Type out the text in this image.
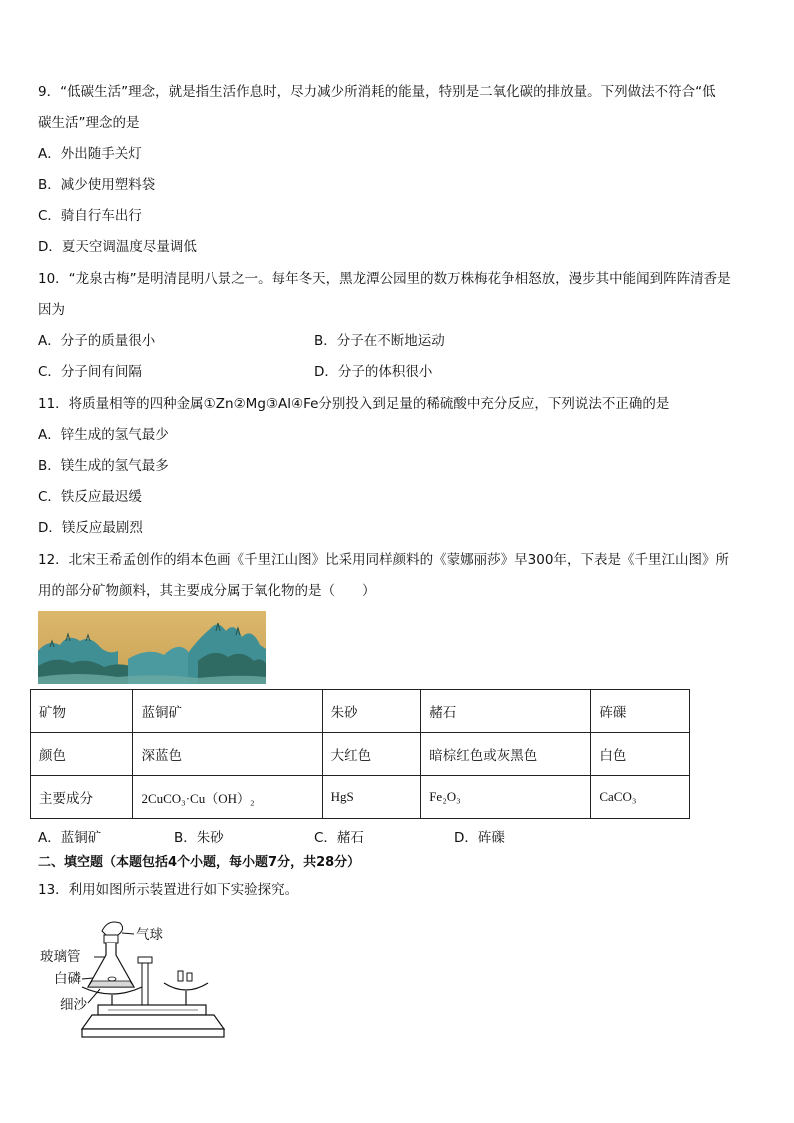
9．“低碳生活”理念，就是指生活作息时，尽力减少所消耗的能量，特别是二氧化碳的排放量。下列做法不符合“低
碳生活”理念的是
A．外出随手关灯
B．减少使用塑料袋
C．骑自行车出行
D．夏天空调温度尽量调低
10．“龙泉古梅”是明清昆明八景之一。每年冬天，黑龙潭公园里的数万株梅花争相怒放，漫步其中能闻到阵阵清香是
因为
A．分子的质量很小	B．分子在不断地运动
C．分子间有间隔	D．分子的体积很小
11．将质量相等的四种金属①Zn②Mg③Al④Fe分别投入到足量的稀硫酸中充分反应，下列说法不正确的是
A．锌生成的氢气最少
B．镁生成的氢气最多
C．铁反应最迟缓
D．镁反应最剧烈
12．北宋王希孟创作的绢本色画《千里江山图》比采用同样颜料的《蒙娜丽莎》早300年，下表是《千里江山图》所
用的部分矿物颜料，其主要成分属于氧化物的是（　　）
矿物	蓝铜矿	朱砂	赭石	砗磲
颜色	深蓝色	大红色	暗棕红色或灰黑色	白色
主要成分	2CuCO₃·Cu（OH）₂	HgS	Fe₂O₃	CaCO₃
A．蓝铜矿	B．朱砂	C．赭石	D．砗磲
二、填空题（本题包括4个小题，每小题7分，共28分）
13．利用如图所示装置进行如下实验探究。
气球
玻璃管
白磷
细沙
